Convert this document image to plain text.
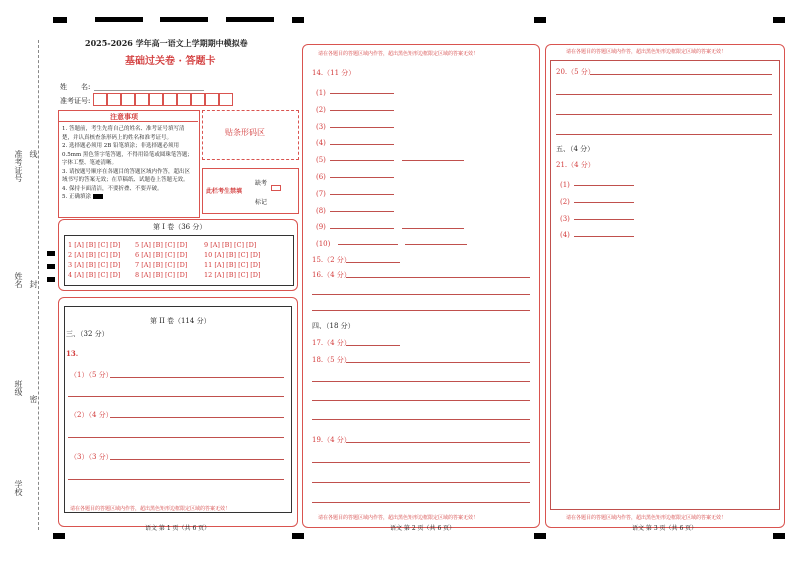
准考证号 线
姓名 封
班级
密
学校
2025-2026 学年高一语文上学期期中模拟卷
基础过关卷 · 答题卡
姓　　名:
准考证号:
注意事项
1. 答题前，考生先将自己的姓名、准考证号填写清楚，并认真核查条形码上的姓名和准考证号。
2. 选择题必须用 2B 铅笔填涂；非选择题必须用 0.5mm 黑色签字笔答题，不得用铅笔或圆珠笔答题；字体工整、笔迹清晰。
3. 请按题号顺序在各题目的答题区域内作答，超出区域书写的答案无效；在草稿纸、试题卷上答题无效。
4. 保持卡面清洁，不要折叠、不要弄破。
5. 正确填涂
贴条形码区
此栏考生禁填
缺考
标记
第 I 卷（36 分）
1 [A] [B] [C] [D]
2 [A] [B] [C] [D]
3 [A] [B] [C] [D]
4 [A] [B] [C] [D]
5 [A] [B] [C] [D]
6 [A] [B] [C] [D]
7 [A] [B] [C] [D]
8 [A] [B] [C] [D]
9 [A] [B] [C] [D]
10 [A] [B] [C] [D]
11 [A] [B] [C] [D]
12 [A] [B] [C] [D]
第 II 卷（114 分）
三、（32 分）
13.
（1）（5 分）
（2）（4 分）
（3）（3 分）
请在各题目的答题区域内作答，超出黑色矩形边框限定区域的答案无效！
语文 第 1 页（共 6 页）
请在各题目的答题区域内作答，超出黑色矩形边框限定区域的答案无效！
14.（11 分）
(1)
(2)
(3)
(4)
(5)
(6)
(7)
(8)
(9)
(10)
15.（2 分）
16.（4 分）
四、（18 分）
17.（4 分）
18.（5 分）
19.（4 分）
请在各题目的答题区域内作答，超出黑色矩形边框限定区域的答案无效！
语文 第 2 页（共 6 页）
请在各题目的答题区域内作答，超出黑色矩形边框限定区域的答案无效！
20.（5 分）
五、（4 分）
21.（4 分）
(1)
(2)
(3)
(4)
请在各题目的答题区域内作答，超出黑色矩形边框限定区域的答案无效！
语文 第 3 页（共 6 页）
